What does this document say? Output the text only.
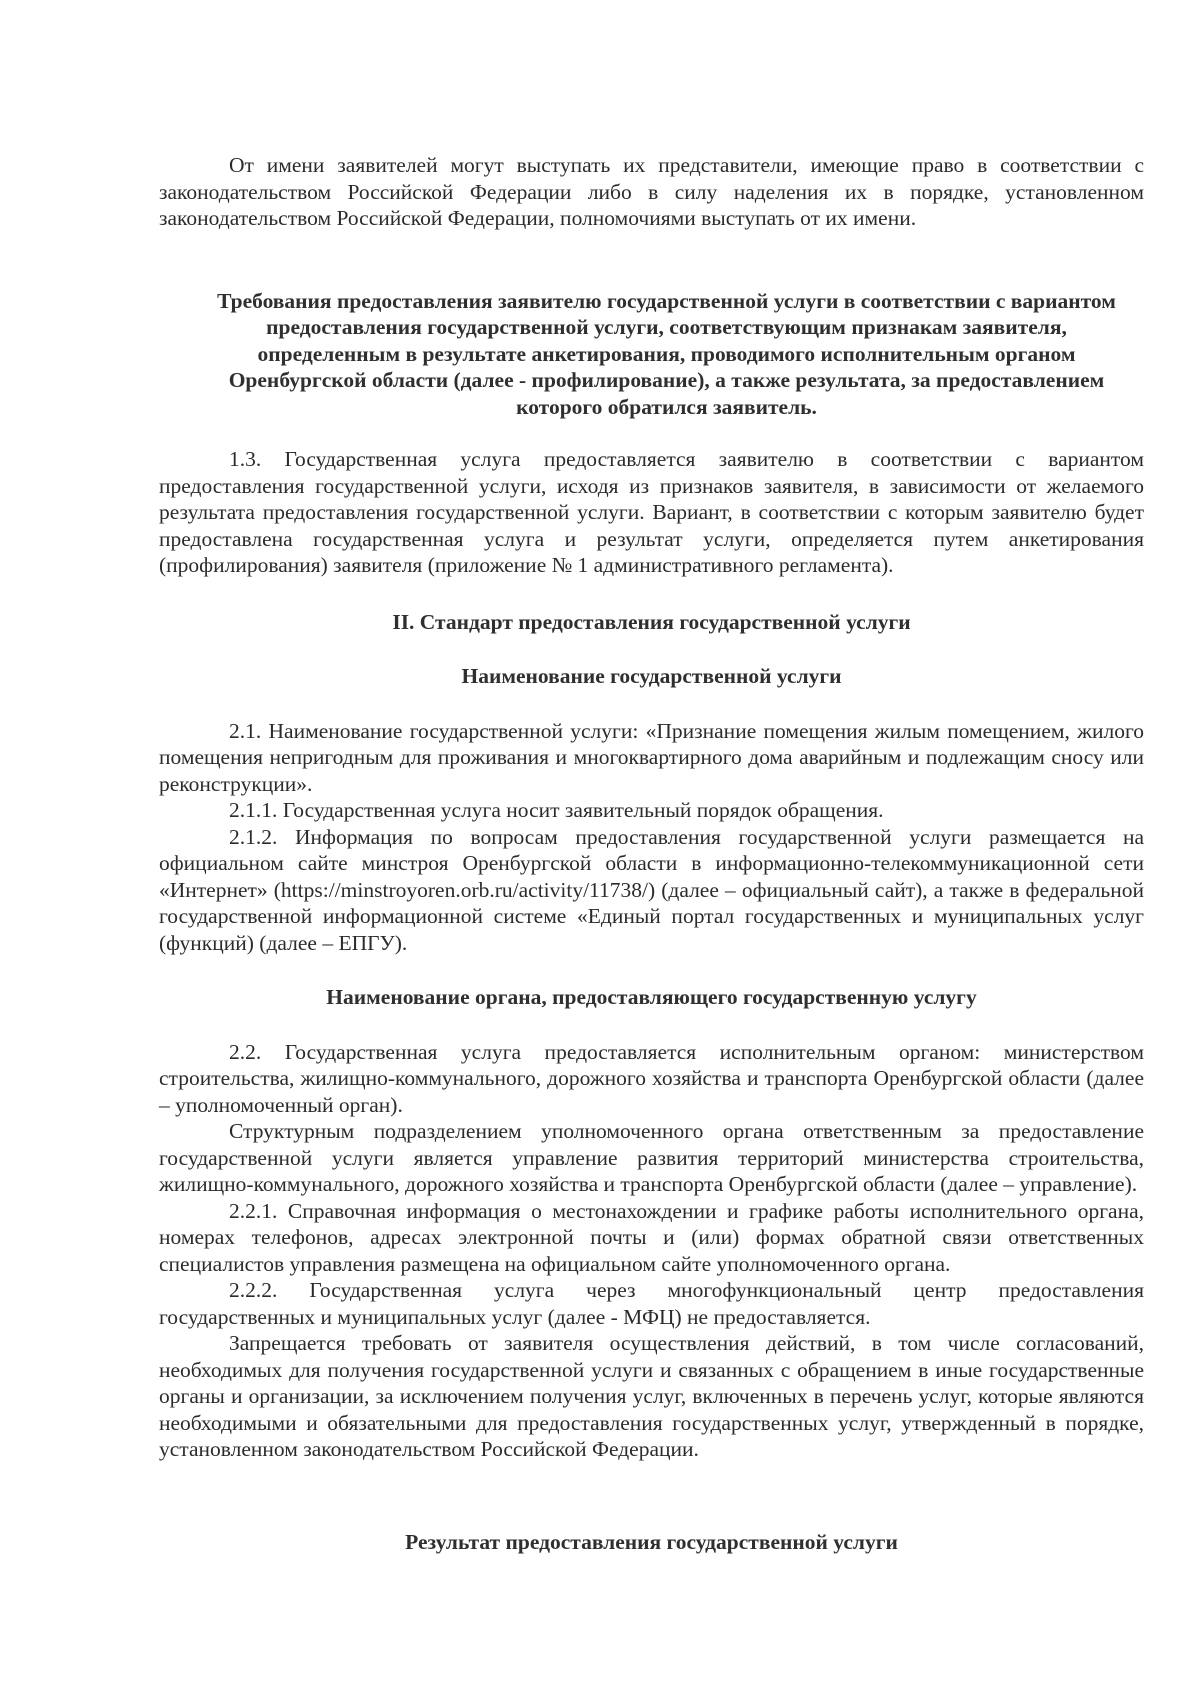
От имени заявителей могут выступать их представители, имеющие право в соответствии с законодательством Российской Федерации либо в силу наделения их в порядке, установленном законодательством Российской Федерации, полномочиями выступать от их имени.

Требования предоставления заявителю государственной услуги в соответствии с вариантом предоставления государственной услуги, соответствующим признакам заявителя, определенным в результате анкетирования, проводимого исполнительным органом Оренбургской области (далее - профилирование), а также результата, за предоставлением которого обратился заявитель.

1.3. Государственная услуга предоставляется заявителю в соответствии с вариантом предоставления государственной услуги, исходя из признаков заявителя, в зависимости от желаемого результата предоставления государственной услуги. Вариант, в соответствии с которым заявителю будет предоставлена государственная услуга и результат услуги, определяется путем анкетирования (профилирования) заявителя (приложение № 1 административного регламента).

II. Стандарт предоставления государственной услуги

Наименование государственной услуги

2.1. Наименование государственной услуги: «Признание помещения жилым помещением, жилого помещения непригодным для проживания и многоквартирного дома аварийным и подлежащим сносу или реконструкции».

2.1.1. Государственная услуга носит заявительный порядок обращения.

2.1.2. Информация по вопросам предоставления государственной услуги размещается на официальном сайте минстроя Оренбургской области в информационно-телекоммуникационной сети «Интернет» (https://minstroyoren.orb.ru/activity/11738/) (далее – официальный сайт), а также в федеральной государственной информационной системе «Единый портал государственных и муниципальных услуг (функций) (далее – ЕПГУ).

Наименование органа, предоставляющего государственную услугу

2.2. Государственная услуга предоставляется исполнительным органом: министерством строительства, жилищно-коммунального, дорожного хозяйства и транспорта Оренбургской области (далее – уполномоченный орган).

Структурным подразделением уполномоченного органа ответственным за предоставление государственной услуги является управление развития территорий министерства строительства, жилищно-коммунального, дорожного хозяйства и транспорта Оренбургской области (далее – управление).

2.2.1. Справочная информация о местонахождении и графике работы исполнительного органа, номерах телефонов, адресах электронной почты и (или) формах обратной связи ответственных специалистов управления размещена на официальном сайте уполномоченного органа.

2.2.2. Государственная услуга через многофункциональный центр предоставления государственных и муниципальных услуг (далее - МФЦ) не предоставляется.

Запрещается требовать от заявителя осуществления действий, в том числе согласований, необходимых для получения государственной услуги и связанных с обращением в иные государственные органы и организации, за исключением получения услуг, включенных в перечень услуг, которые являются необходимыми и обязательными для предоставления государственных услуг, утвержденный в порядке, установленном законодательством Российской Федерации.

Результат предоставления государственной услуги
